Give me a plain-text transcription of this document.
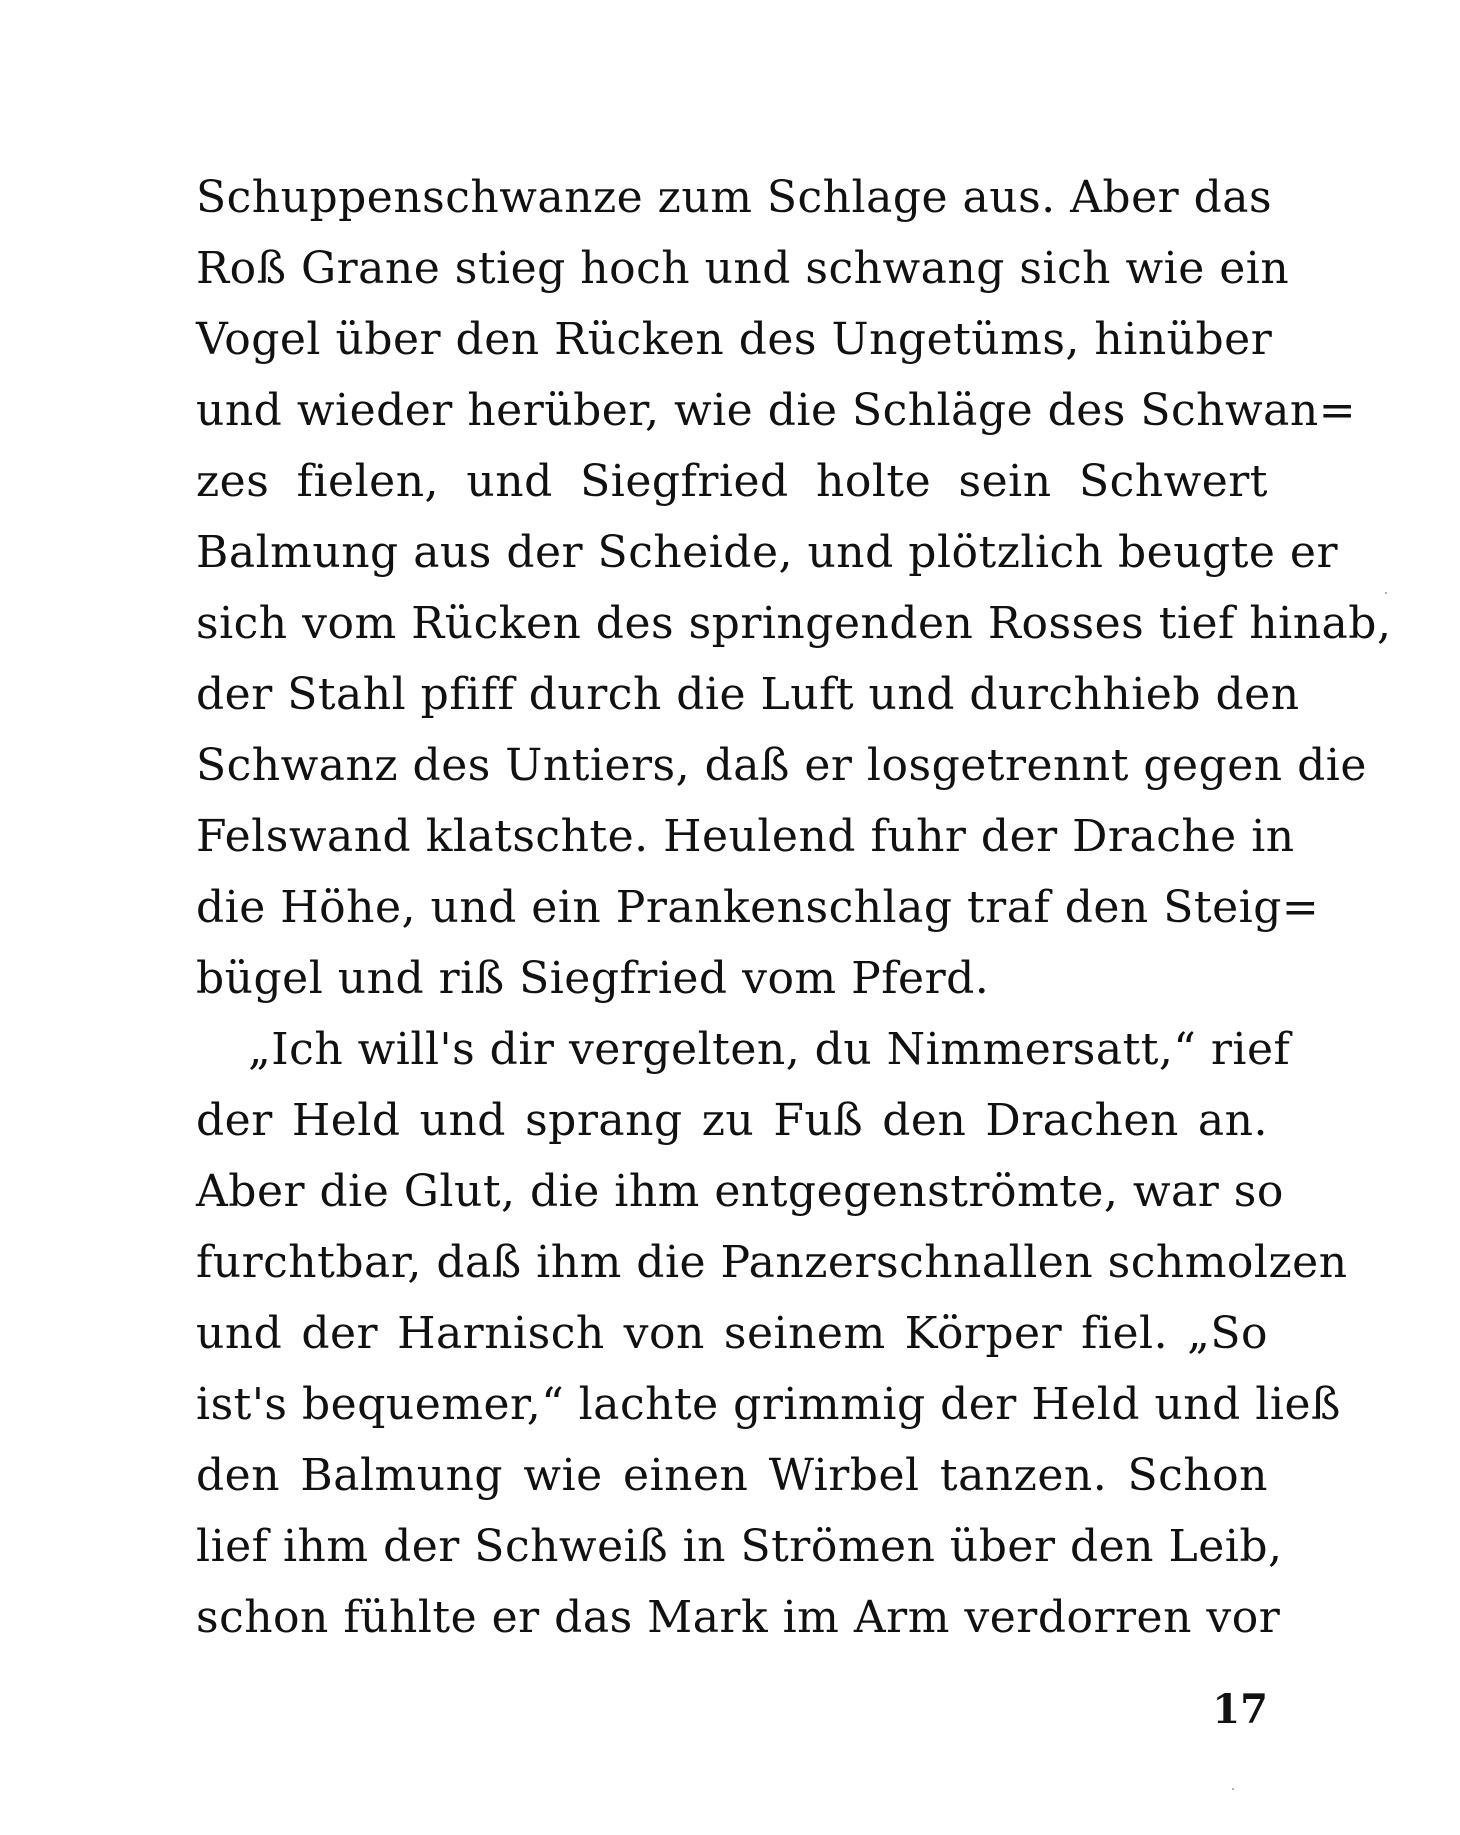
Schuppenschwanze zum Schlage aus. Aber das
Roß Grane stieg hoch und schwang sich wie ein
Vogel über den Rücken des Ungetüms, hinüber
und wieder herüber, wie die Schläge des Schwan=
zes fielen, und Siegfried holte sein Schwert
Balmung aus der Scheide, und plötzlich beugte er
sich vom Rücken des springenden Rosses tief hinab,
der Stahl pfiff durch die Luft und durchhieb den
Schwanz des Untiers, daß er losgetrennt gegen die
Felswand klatschte. Heulend fuhr der Drache in
die Höhe, und ein Prankenschlag traf den Steig=
bügel und riß Siegfried vom Pferd.
„Ich will's dir vergelten, du Nimmersatt,“ rief
der Held und sprang zu Fuß den Drachen an.
Aber die Glut, die ihm entgegenströmte, war so
furchtbar, daß ihm die Panzerschnallen schmolzen
und der Harnisch von seinem Körper fiel. „So
ist's bequemer,“ lachte grimmig der Held und ließ
den Balmung wie einen Wirbel tanzen. Schon
lief ihm der Schweiß in Strömen über den Leib,
schon fühlte er das Mark im Arm verdorren vor
17
